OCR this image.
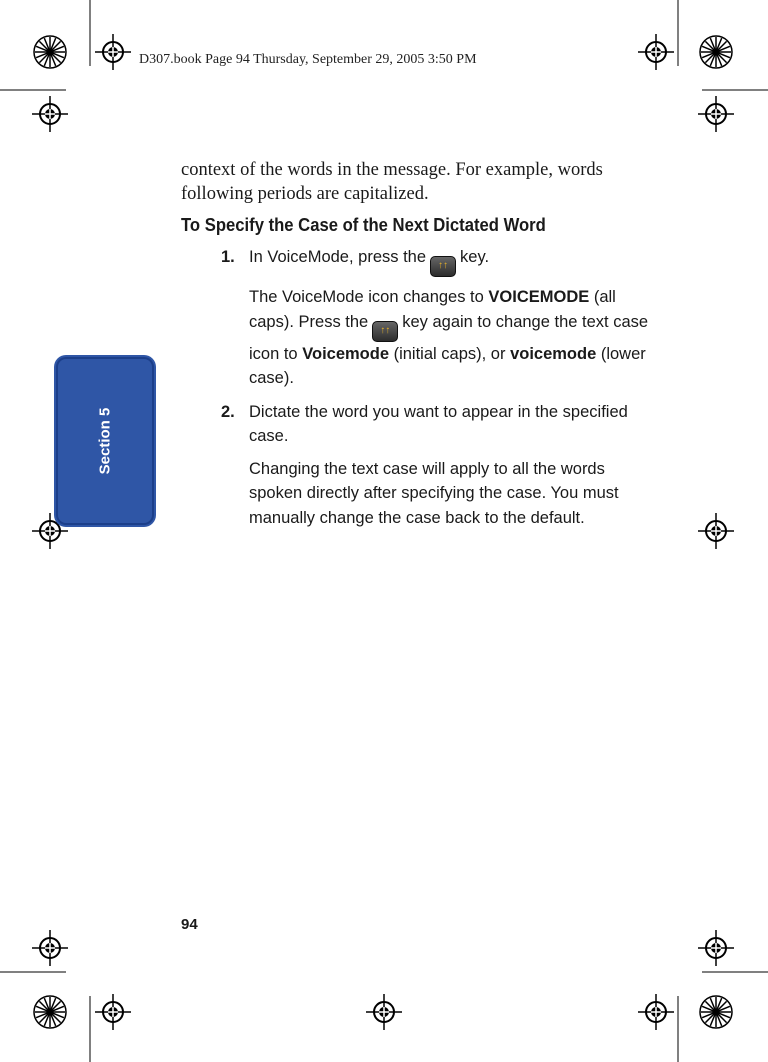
D307.book Page 94 Thursday, September 29, 2005 3:50 PM

Section 5

context of the words in the message. For example, words following periods are capitalized.

To Specify the Case of the Next Dictated Word
1. In VoiceMode, press the ↑↑ key.

The VoiceMode icon changes to VOICEMODE (all caps). Press the ↑↑ key again to change the text case icon to Voicemode (initial caps), or voicemode (lower case).

2. Dictate the word you want to appear in the specified case.

Changing the text case will apply to all the words spoken directly after specifying the case. You must manually change the case back to the default.

94
